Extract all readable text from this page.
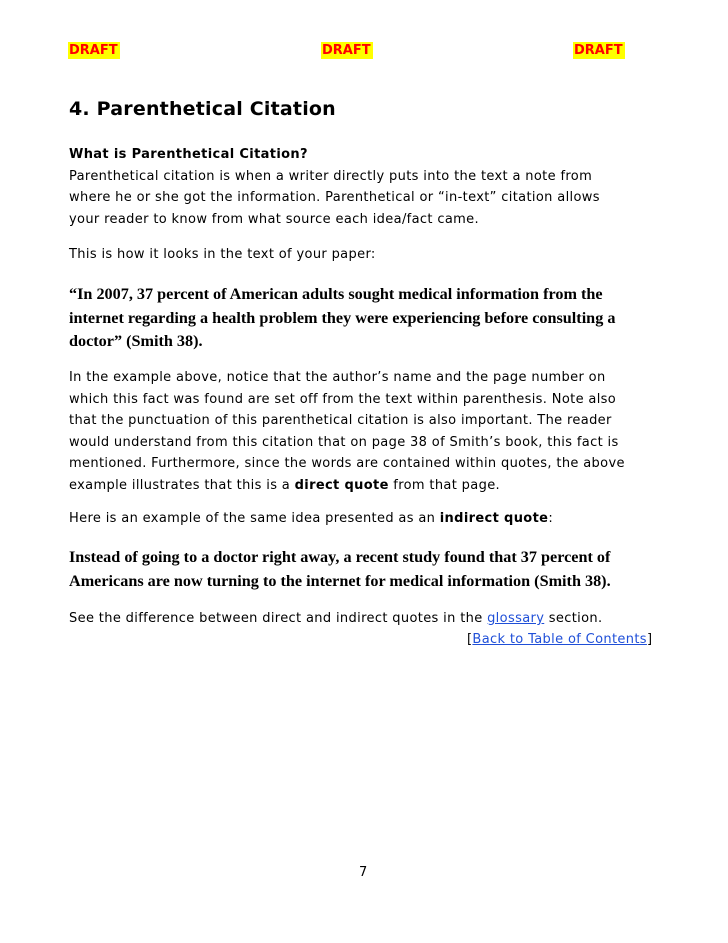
DRAFT	DRAFT	DRAFT
4. Parenthetical Citation
What is Parenthetical Citation?
Parenthetical citation is when a writer directly puts into the text a note from
where he or she got the information. Parenthetical or “in-text” citation allows
your reader to know from what source each idea/fact came.
This is how it looks in the text of your paper:
“In 2007, 37 percent of American adults sought medical information from the
internet regarding a health problem they were experiencing before consulting a
doctor” (Smith 38).
In the example above, notice that the author’s name and the page number on
which this fact was found are set off from the text within parenthesis. Note also
that the punctuation of this parenthetical citation is also important. The reader
would understand from this citation that on page 38 of Smith’s book, this fact is
mentioned. Furthermore, since the words are contained within quotes, the above
example illustrates that this is a direct quote from that page.
Here is an example of the same idea presented as an indirect quote:
Instead of going to a doctor right away, a recent study found that 37 percent of
Americans are now turning to the internet for medical information (Smith 38).
See the difference between direct and indirect quotes in the glossary section.
[Back to Table of Contents]
7
